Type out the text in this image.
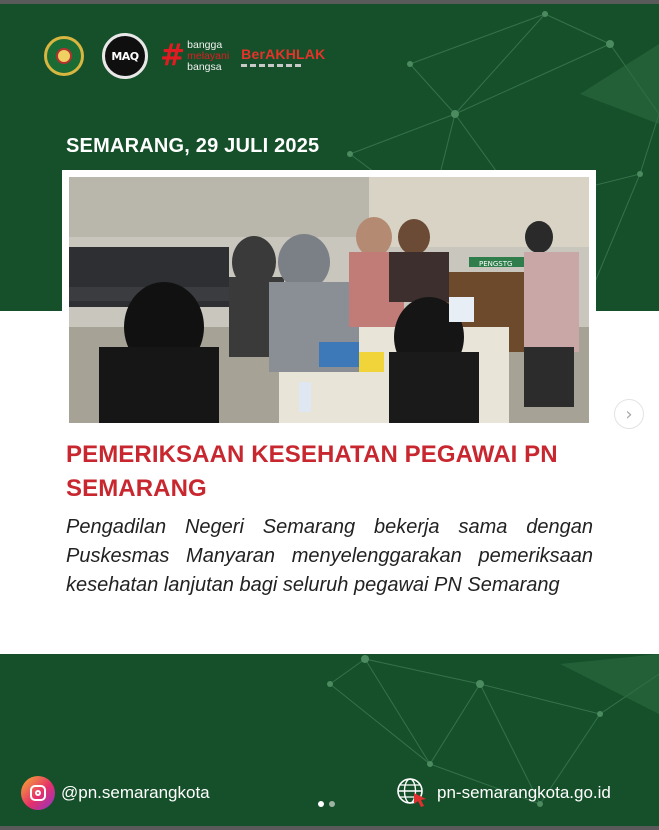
MAQ # bangga
melayani
bangsa
BerAKHLAK
SEMARANG, 29 JULI 2025
PENGSTG
›
PEMERIKSAAN KESEHATAN PEGAWAI PN SEMARANG
Pengadilan Negeri Semarang bekerja sama dengan Puskesmas Manyaran menyelenggarakan pemeriksaan kesehatan lanjutan bagi seluruh pegawai PN Semarang
@pn.semarangkota	pn-semarangkota.go.id
